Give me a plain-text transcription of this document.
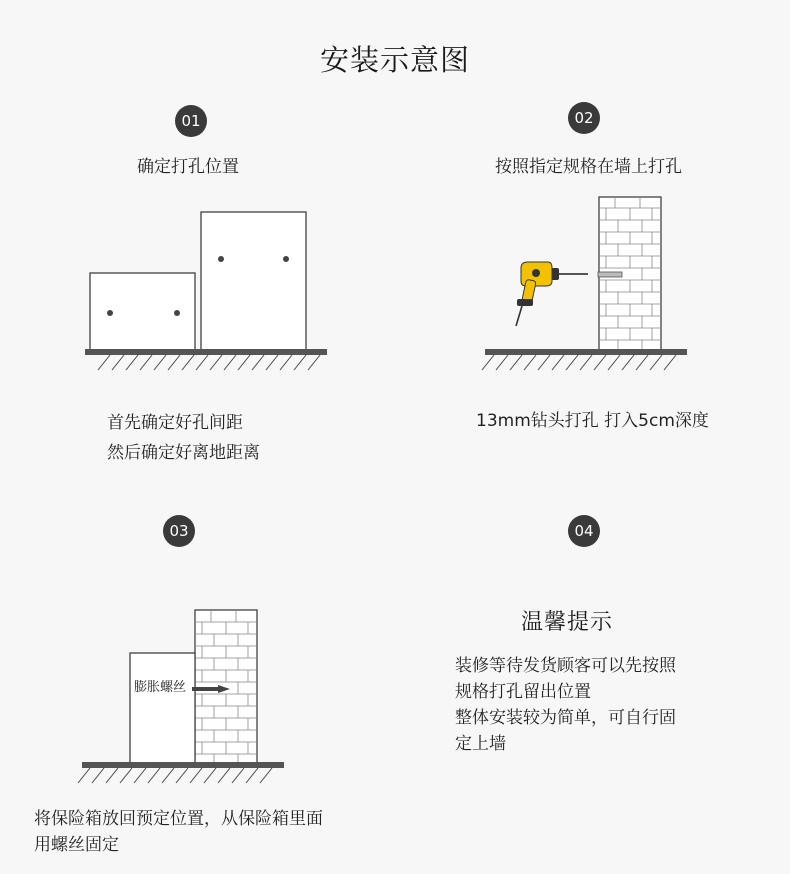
安装示意图
01
确定打孔位置
首先确定好孔间距
然后确定好离地距离
02
按照指定规格在墙上打孔
13mm钻头打孔 打入5cm深度
03
膨胀螺丝
将保险箱放回预定位置，从保险箱里面
用螺丝固定
04
温馨提示
装修等待发货顾客可以先按照
规格打孔留出位置
整体安装较为简单，可自行固
定上墙
